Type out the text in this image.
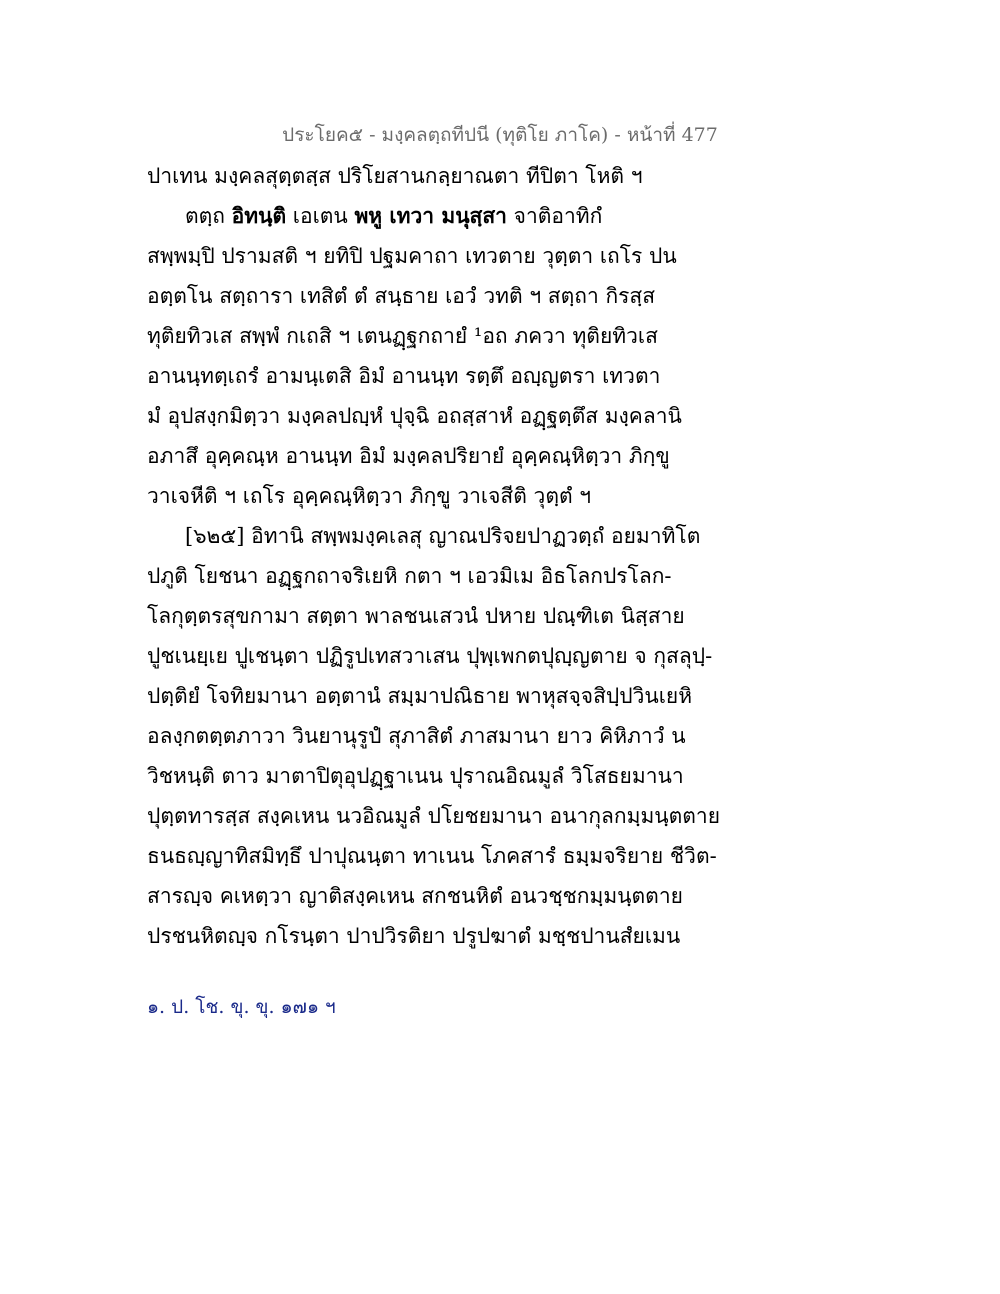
ประโยค๕ - มงฺคลตฺถทีปนี (ทุติโย ภาโค) - หน้าที่ 477
ปาเทน มงฺคลสุตฺตสฺส ปริโยสานกลฺยาณตา ทีปิตา โหติ ฯ
ตตฺถ อิทนฺติ เอเตน พหู เทวา มนุสฺสา จาติอาทิกํ
สพฺพมฺปิ ปรามสติ ฯ ยทิปิ ปฐมคาถา เทวตาย วุตฺตา เถโร ปน
อตฺตโน สตฺถารา เทสิตํ ตํ สนฺธาย เอวํ วทติ ฯ สตฺถา กิรสฺส
ทุติยทิวเส สพฺพํ กเถสิ ฯ เตนฏฺฐกถายํ ¹อถ ภควา ทุติยทิวเส
อานนฺทตฺเถรํ อามนฺเตสิ อิมํ อานนฺท รตฺตึ อญฺญตรา เทวตา
มํ อุปสงฺกมิตฺวา มงฺคลปญฺหํ ปุจฺฉิ อถสฺสาหํ อฏฺฐตฺตึส มงฺคลานิ
อภาสึ อุคฺคณฺห อานนฺท อิมํ มงฺคลปริยายํ อุคฺคณฺหิตฺวา ภิกฺขู
วาเจหีติ ฯ เถโร อุคฺคณฺหิตฺวา ภิกฺขู วาเจสีติ วุตฺตํ ฯ
[๖๒๕] อิทานิ สพฺพมงฺคเลสุ ญาณปริจยปาฏวตฺถํ อยมาทิโต
ปภูติ โยชนา อฏฺฐกถาจริเยหิ กตา ฯ เอวมิเม อิธโลกปรโลก-
โลกุตฺตรสุขกามา สตฺตา พาลชนเสวนํ ปหาย ปณฺฑิเต นิสฺสาย
ปูชเนยฺเย ปูเชนฺตา ปฏิรูปเทสวาเสน ปุพฺเพกตปุญฺญตาย จ กุสลุปฺ-
ปตฺติยํ โจทิยมานา อตฺตานํ สมฺมาปณิธาย พาหุสจฺจสิปฺปวินเยหิ
อลงฺกตตฺตภาวา วินยานุรูปํ สุภาสิตํ ภาสมานา ยาว คิหิภาวํ น
วิชหนฺติ ตาว มาตาปิตุอุปฏฺฐาเนน ปุราณอิณมูลํ วิโสธยมานา
ปุตฺตทารสฺส สงฺคเหน นวอิณมูลํ ปโยชยมานา อนากุลกมฺมนฺตตาย
ธนธญฺญาทิสมิทฺธึ ปาปุณนฺตา ทาเนน โภคสารํ ธมฺมจริยาย ชีวิต-
สารญฺจ คเหตฺวา ญาติสงฺคเหน สกชนหิตํ อนวชฺชกมฺมนฺตตาย
ปรชนหิตญฺจ กโรนฺตา ปาปวิรติยา ปรูปฆาตํ มชฺชปานสํยเมน
๑. ป. โช. ขุ. ขุ. ๑๗๑ ฯ
